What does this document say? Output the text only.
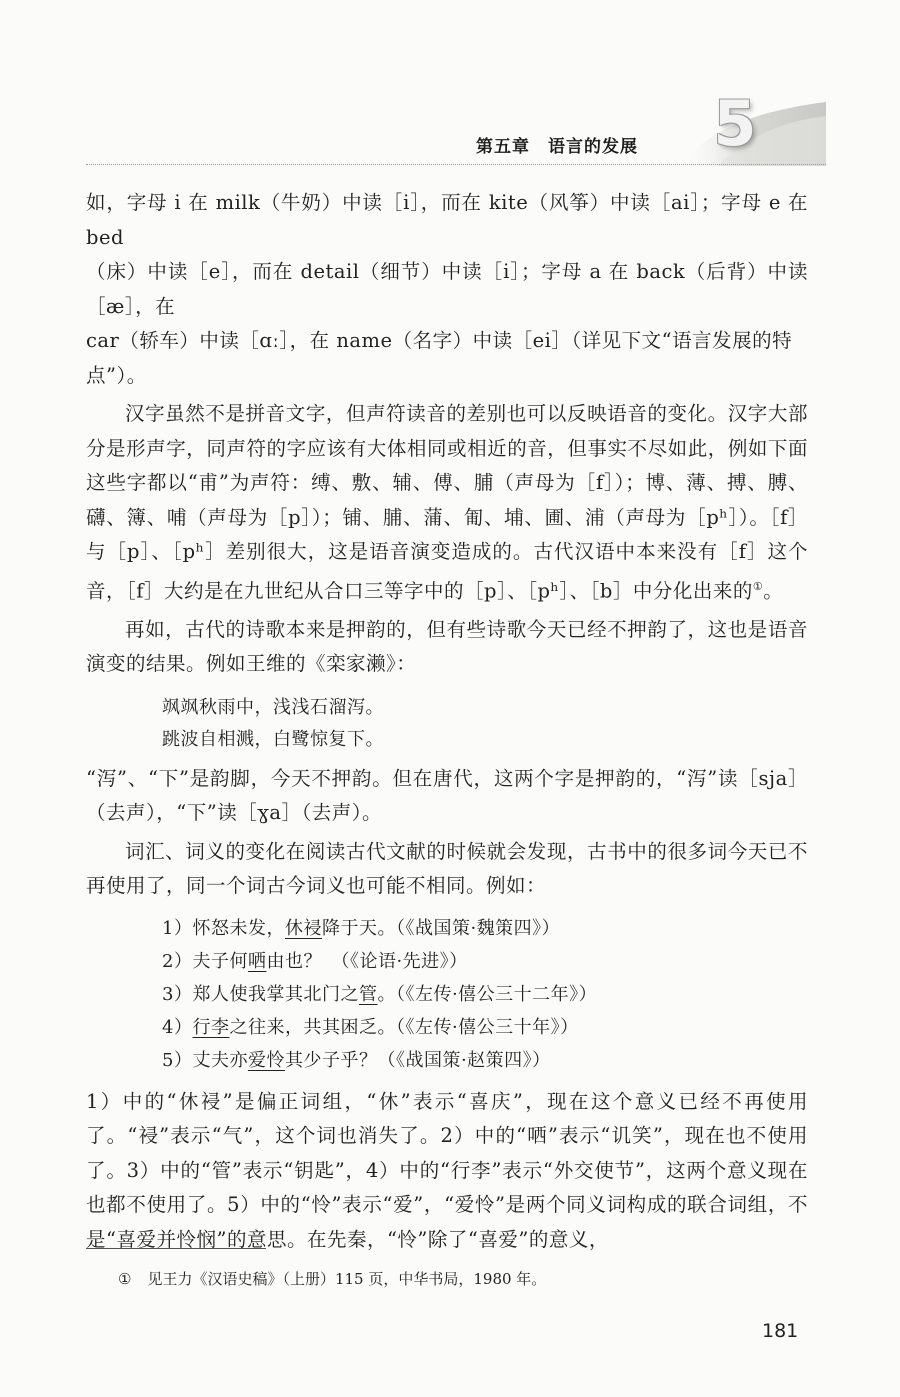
5
第五章　语言的发展

如，字母 i 在 milk（牛奶）中读［i］，而在 kite（风筝）中读［ai］；字母 e 在 bed
（床）中读［e］，而在 detail（细节）中读［i］；字母 a 在 back（后背）中读［æ］，在
car（轿车）中读［ɑː］，在 name（名字）中读［ei］（详见下文“语言发展的特
点”）。

汉字虽然不是拼音文字，但声符读音的差别也可以反映语音的变化。汉字大部分是形声字，同声符的字应该有大体相同或相近的音，但事实不尽如此，例如下面这些字都以“甫”为声符：缚、敷、辅、傅、脯（声母为［f］）；博、薄、搏、膊、礴、簿、哺（声母为［p］）；铺、脯、蒲、匍、埔、圃、浦（声母为［pʰ］）。［f］与［p］、［pʰ］差别很大，这是语音演变造成的。古代汉语中本来没有［f］这个音，［f］大约是在九世纪从合口三等字中的［p］、［pʰ］、［b］中分化出来的①。

再如，古代的诗歌本来是押韵的，但有些诗歌今天已经不押韵了，这也是语音演变的结果。例如王维的《栾家濑》：

飒飒秋雨中，浅浅石溜泻。
跳波自相溅，白鹭惊复下。

“泻”、“下”是韵脚，今天不押韵。但在唐代，这两个字是押韵的，“泻”读［sja］（去声），“下”读［ɣa］（去声）。

词汇、词义的变化在阅读古代文献的时候就会发现，古书中的很多词今天已不再使用了，同一个词古今词义也可能不相同。例如：

1）怀怒未发，休祲降于天。（《战国策·魏策四》）
2）夫子何哂由也？　（《论语·先进》）
3）郑人使我掌其北门之管。（《左传·僖公三十二年》）
4）行李之往来，共其困乏。（《左传·僖公三十年》）
5）丈夫亦爱怜其少子乎？（《战国策·赵策四》）

1）中的“休祲”是偏正词组，“休”表示“喜庆”，现在这个意义已经不再使用了。“祲”表示“气”，这个词也消失了。2）中的“哂”表示“讥笑”，现在也不使用了。3）中的“管”表示“钥匙”，4）中的“行李”表示“外交使节”，这两个意义现在也都不使用了。5）中的“怜”表示“爱”，“爱怜”是两个同义词构成的联合词组，不是“喜爱并怜悯”的意思。在先秦，“怜”除了“喜爱”的意义，

① 见王力《汉语史稿》（上册）115 页，中华书局，1980 年。
181
